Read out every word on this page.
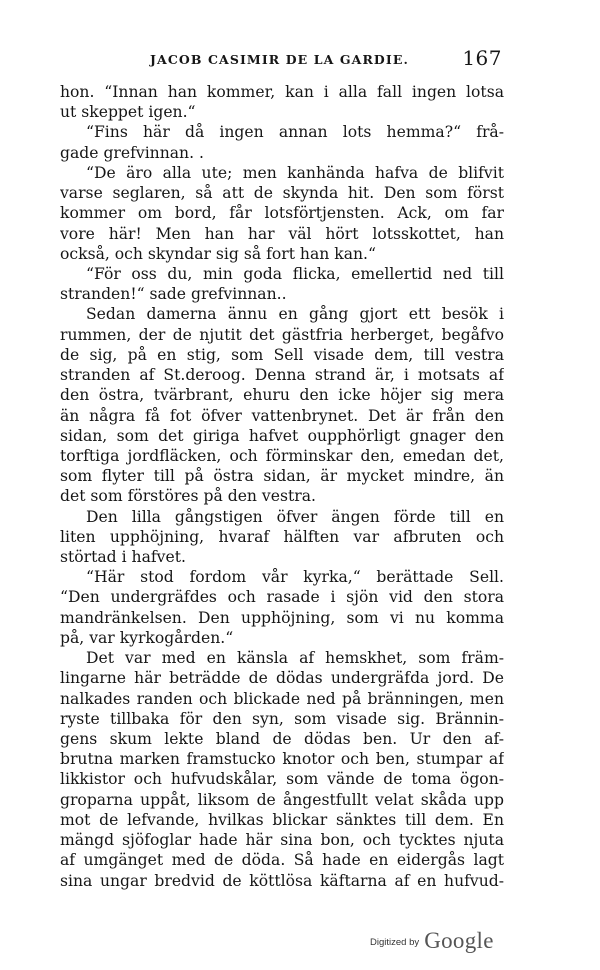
JACOB CASIMIR DE LA GARDIE.	167
hon. “Innan han kommer, kan i alla fall ingen lotsa
ut skeppet igen.“
“Fins här då ingen annan lots hemma?“ frå-
gade grefvinnan. .
“De äro alla ute; men kanhända hafva de blifvit
varse seglaren, så att de skynda hit. Den som först
kommer om bord, får lotsförtjensten. Ack, om far
vore här! Men han har väl hört lotsskottet, han
också, och skyndar sig så fort han kan.“
“För oss du, min goda flicka, emellertid ned till
stranden!“ sade grefvinnan..
Sedan damerna ännu en gång gjort ett besök i
rummen, der de njutit det gästfria herberget, begåfvo
de sig, på en stig, som Sell visade dem, till vestra
stranden af St.deroog. Denna strand är, i motsats af
den östra, tvärbrant, ehuru den icke höjer sig mera
än några få fot öfver vattenbrynet. Det är från den
sidan, som det giriga hafvet oupphörligt gnager den
torftiga jordfläcken, och förminskar den, emedan det,
som flyter till på östra sidan, är mycket mindre, än
det som förstöres på den vestra.
Den lilla gångstigen öfver ängen förde till en
liten upphöjning, hvaraf hälften var afbruten och
störtad i hafvet.
“Här stod fordom vår kyrka,“ berättade Sell.
“Den undergräfdes och rasade i sjön vid den stora
mandränkelsen. Den upphöjning, som vi nu komma
på, var kyrkogården.“
Det var med en känsla af hemskhet, som främ-
lingarne här beträdde de dödas undergräfda jord. De
nalkades randen och blickade ned på bränningen, men
ryste tillbaka för den syn, som visade sig. Brännin-
gens skum lekte bland de dödas ben. Ur den af-
brutna marken framstucko knotor och ben, stumpar af
likkistor och hufvudskålar, som vände de toma ögon-
groparna uppåt, liksom de ångestfullt velat skåda upp
mot de lefvande, hvilkas blickar sänktes till dem. En
mängd sjöfoglar hade här sina bon, och tycktes njuta
af umgänget med de döda. Så hade en eidergås lagt
sina ungar bredvid de köttlösa käftarna af en hufvud-
Digitized by Google
